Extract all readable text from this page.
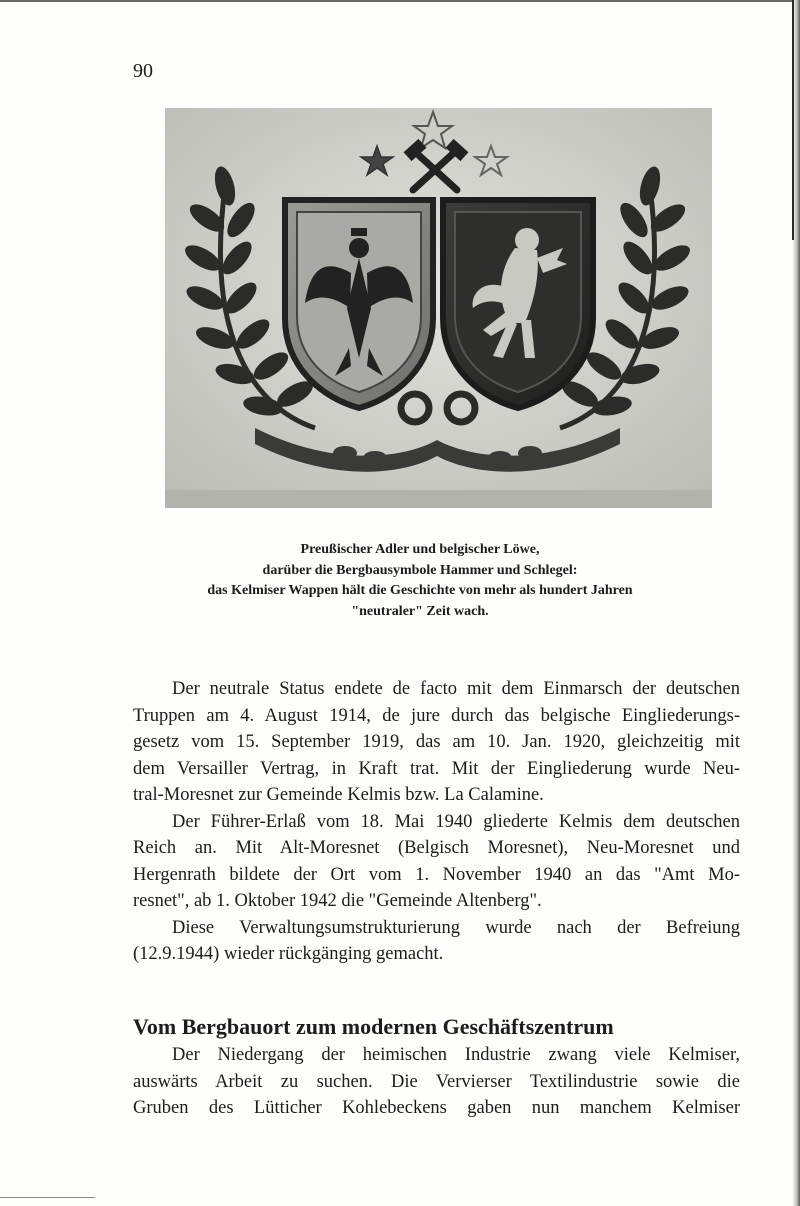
90
Preußischer Adler und belgischer Löwe,
darüber die Bergbausymbole Hammer und Schlegel:
das Kelmiser Wappen hält die Geschichte von mehr als hundert Jahren
"neutraler" Zeit wach.

Der neutrale Status endete de facto mit dem Einmarsch der deutschen
Truppen am 4. August 1914, de jure durch das belgische Eingliederungs-
gesetz vom 15. September 1919, das am 10. Jan. 1920, gleichzeitig mit
dem Versailler Vertrag, in Kraft trat. Mit der Eingliederung wurde Neu-
tral-Moresnet zur Gemeinde Kelmis bzw. La Calamine.

Der Führer-Erlaß vom 18. Mai 1940 gliederte Kelmis dem deutschen
Reich an. Mit Alt-Moresnet (Belgisch Moresnet), Neu-Moresnet und
Hergenrath bildete der Ort vom 1. November 1940 an das "Amt Mo-
resnet", ab 1. Oktober 1942 die "Gemeinde Altenberg".

Diese Verwaltungsumstrukturierung wurde nach der Befreiung
(12.9.1944) wieder rückgänging gemacht.

Vom Bergbauort zum modernen Geschäftszentrum

Der Niedergang der heimischen Industrie zwang viele Kelmiser,
auswärts Arbeit zu suchen. Die Vervierser Textilindustrie sowie die
Gruben des Lütticher Kohlebeckens gaben nun manchem Kelmiser
